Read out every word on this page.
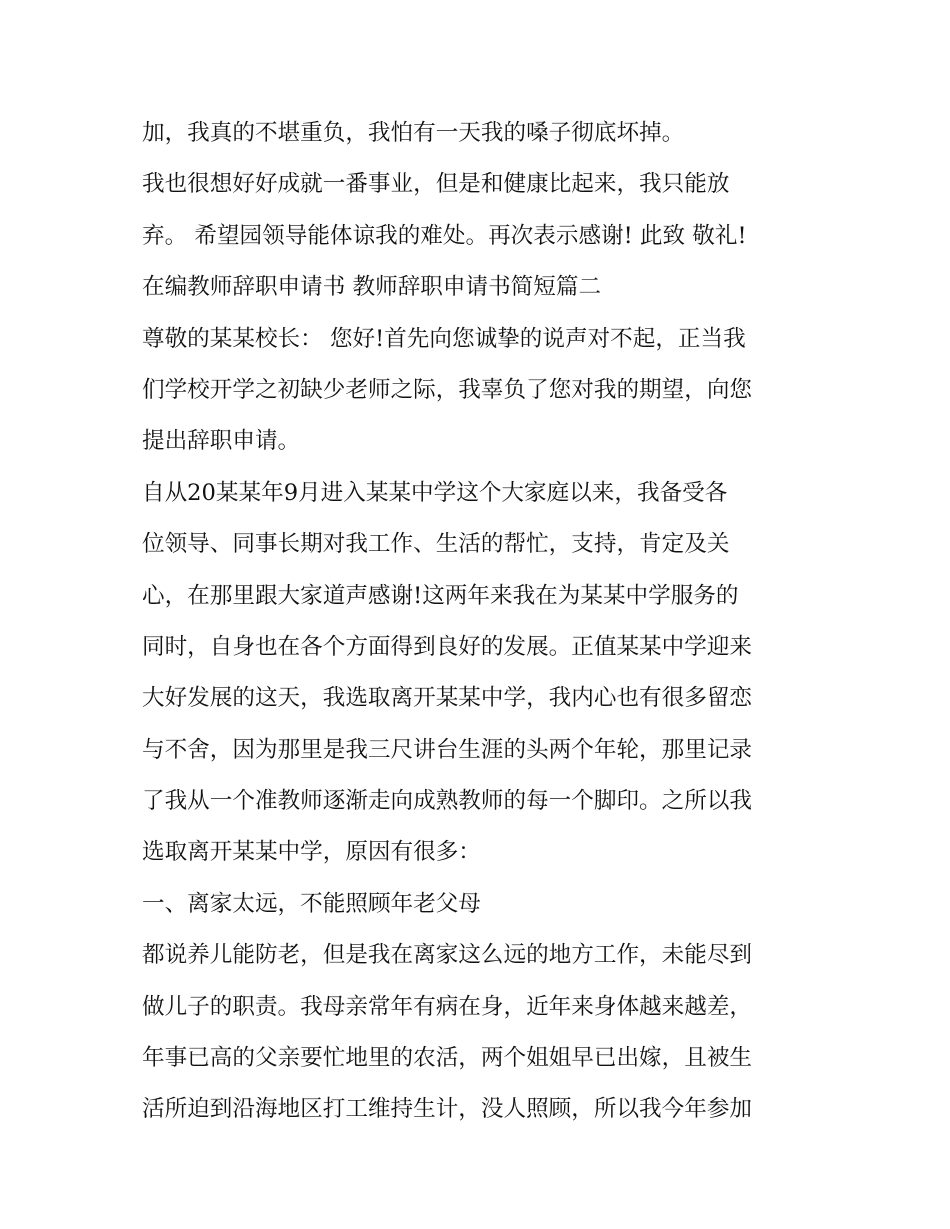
加，我真的不堪重负，我怕有一天我的嗓子彻底坏掉。
我也很想好好成就一番事业，但是和健康比起来，我只能放
弃。 希望园领导能体谅我的难处。再次表示感谢! 此致 敬礼!
在编教师辞职申请书 教师辞职申请书简短篇二
尊敬的某某校长： 您好!首先向您诚挚的说声对不起，正当我
们学校开学之初缺少老师之际，我辜负了您对我的期望，向您
提出辞职申请。
自从20某某年9月进入某某中学这个大家庭以来，我备受各
位领导、同事长期对我工作、生活的帮忙，支持，肯定及关
心，在那里跟大家道声感谢!这两年来我在为某某中学服务的
同时，自身也在各个方面得到良好的发展。正值某某中学迎来
大好发展的这天，我选取离开某某中学，我内心也有很多留恋
与不舍，因为那里是我三尺讲台生涯的头两个年轮，那里记录
了我从一个准教师逐渐走向成熟教师的每一个脚印。之所以我
选取离开某某中学，原因有很多：
一、离家太远，不能照顾年老父母
都说养儿能防老，但是我在离家这么远的地方工作，未能尽到
做儿子的职责。我母亲常年有病在身，近年来身体越来越差，
年事已高的父亲要忙地里的农活，两个姐姐早已出嫁，且被生
活所迫到沿海地区打工维持生计，没人照顾，所以我今年参加
